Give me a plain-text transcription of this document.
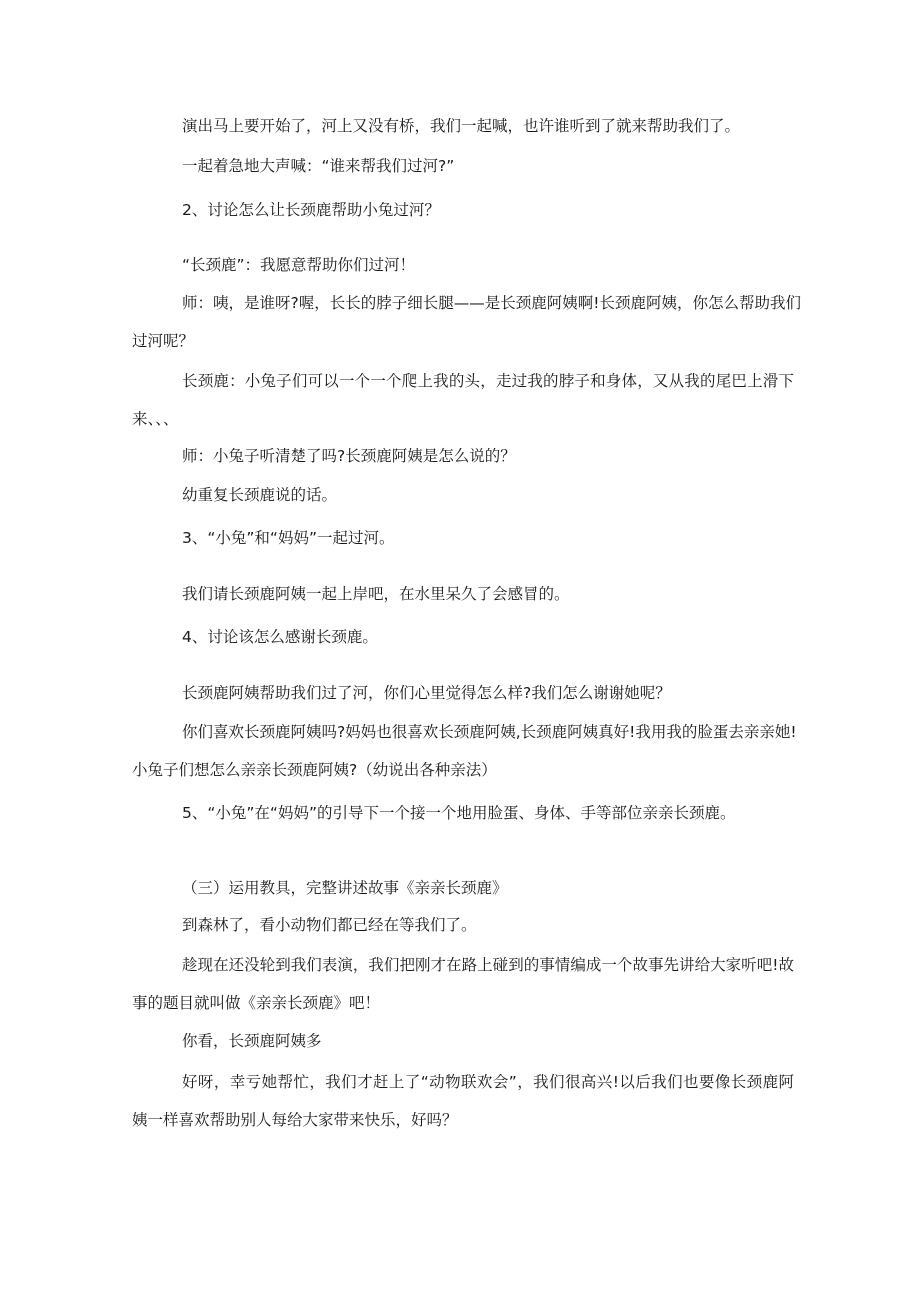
演出马上要开始了，河上又没有桥，我们一起喊，也许谁听到了就来帮助我们了。
一起着急地大声喊：“谁来帮我们过河?”
2、讨论怎么让长颈鹿帮助小兔过河？
“长颈鹿”：我愿意帮助你们过河！
师：咦，是谁呀?喔，长长的脖子细长腿——是长颈鹿阿姨啊!长颈鹿阿姨，你怎么帮助我们
过河呢？
长颈鹿：小兔子们可以一个一个爬上我的头，走过我的脖子和身体，又从我的尾巴上滑下
来、、、
师：小兔子听清楚了吗?长颈鹿阿姨是怎么说的？
幼重复长颈鹿说的话。
3、“小兔”和“妈妈”一起过河。
我们请长颈鹿阿姨一起上岸吧，在水里呆久了会感冒的。
4、讨论该怎么感谢长颈鹿。
长颈鹿阿姨帮助我们过了河，你们心里觉得怎么样?我们怎么谢谢她呢？
你们喜欢长颈鹿阿姨吗?妈妈也很喜欢长颈鹿阿姨,长颈鹿阿姨真好!我用我的脸蛋去亲亲她!
小兔子们想怎么亲亲长颈鹿阿姨?（幼说出各种亲法）
5、“小兔”在“妈妈”的引导下一个接一个地用脸蛋、身体、手等部位亲亲长颈鹿。
（三）运用教具，完整讲述故事《亲亲长颈鹿》
到森林了，看小动物们都已经在等我们了。
趁现在还没轮到我们表演，我们把刚才在路上碰到的事情编成一个故事先讲给大家听吧!故
事的题目就叫做《亲亲长颈鹿》吧！
你看，长颈鹿阿姨多
好呀，幸亏她帮忙，我们才赶上了“动物联欢会”，我们很高兴!以后我们也要像长颈鹿阿
姨一样喜欢帮助别人每给大家带来快乐，好吗？
